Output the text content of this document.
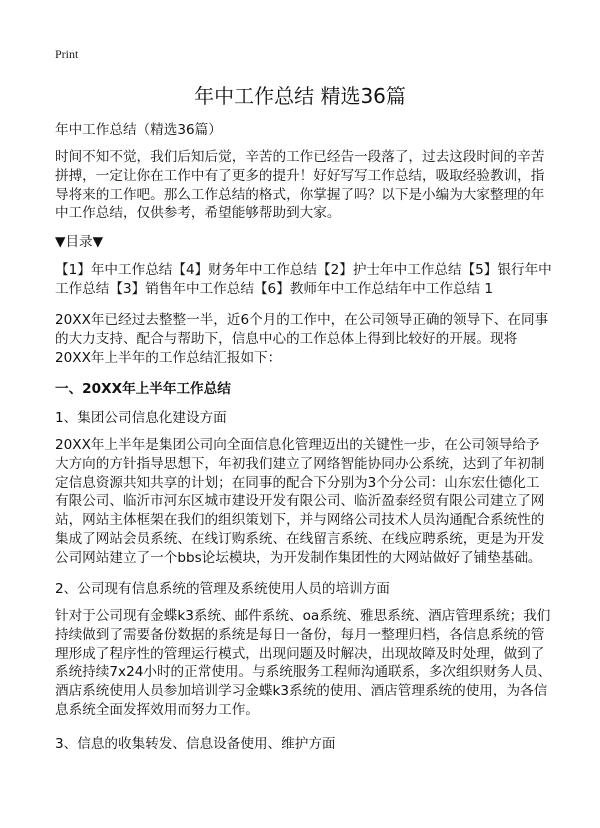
Print
年中工作总结 精选36篇
年中工作总结（精选36篇）
时间不知不觉，我们后知后觉，辛苦的工作已经告一段落了，过去这段时间的辛苦
拼搏，一定让你在工作中有了更多的提升！好好写写工作总结，吸取经验教训，指
导将来的工作吧。那么工作总结的格式，你掌握了吗？以下是小编为大家整理的年
中工作总结，仅供参考，希望能够帮助到大家。
▼目录▼
【1】年中工作总结【4】财务年中工作总结【2】护士年中工作总结【5】银行年中
工作总结【3】销售年中工作总结【6】教师年中工作总结年中工作总结 1
20XX年已经过去整整一半，近6个月的工作中，在公司领导正确的领导下、在同事
的大力支持、配合与帮助下，信息中心的工作总体上得到比较好的开展。现将
20XX年上半年的工作总结汇报如下：
一、20XX年上半年工作总结
1、集团公司信息化建设方面
20XX年上半年是集团公司向全面信息化管理迈出的关键性一步，在公司领导给予
大方向的方针指导思想下，年初我们建立了网络智能协同办公系统，达到了年初制
定信息资源共知共享的计划；在同事的配合下分别为3个分公司：山东宏仕德化工
有限公司、临沂市河东区城市建设开发有限公司、临沂盈泰经贸有限公司建立了网
站，网站主体框架在我们的组织策划下，并与网络公司技术人员沟通配合系统性的
集成了网站会员系统、在线订购系统、在线留言系统、在线应聘系统，更是为开发
公司网站建立了一个bbs论坛模块，为开发制作集团性的大网站做好了铺垫基础。
2、公司现有信息系统的管理及系统使用人员的培训方面
针对于公司现有金蝶k3系统、邮件系统、oa系统、雅思系统、酒店管理系统；我们
持续做到了需要备份数据的系统是每日一备份，每月一整理归档，各信息系统的管
理形成了程序性的管理运行模式，出现问题及时解决，出现故障及时处理，做到了
系统持续7x24小时的正常使用。与系统服务工程师沟通联系，多次组织财务人员、
酒店系统使用人员参加培训学习金蝶k3系统的使用、酒店管理系统的使用，为各信
息系统全面发挥效用而努力工作。
3、信息的收集转发、信息设备使用、维护方面
